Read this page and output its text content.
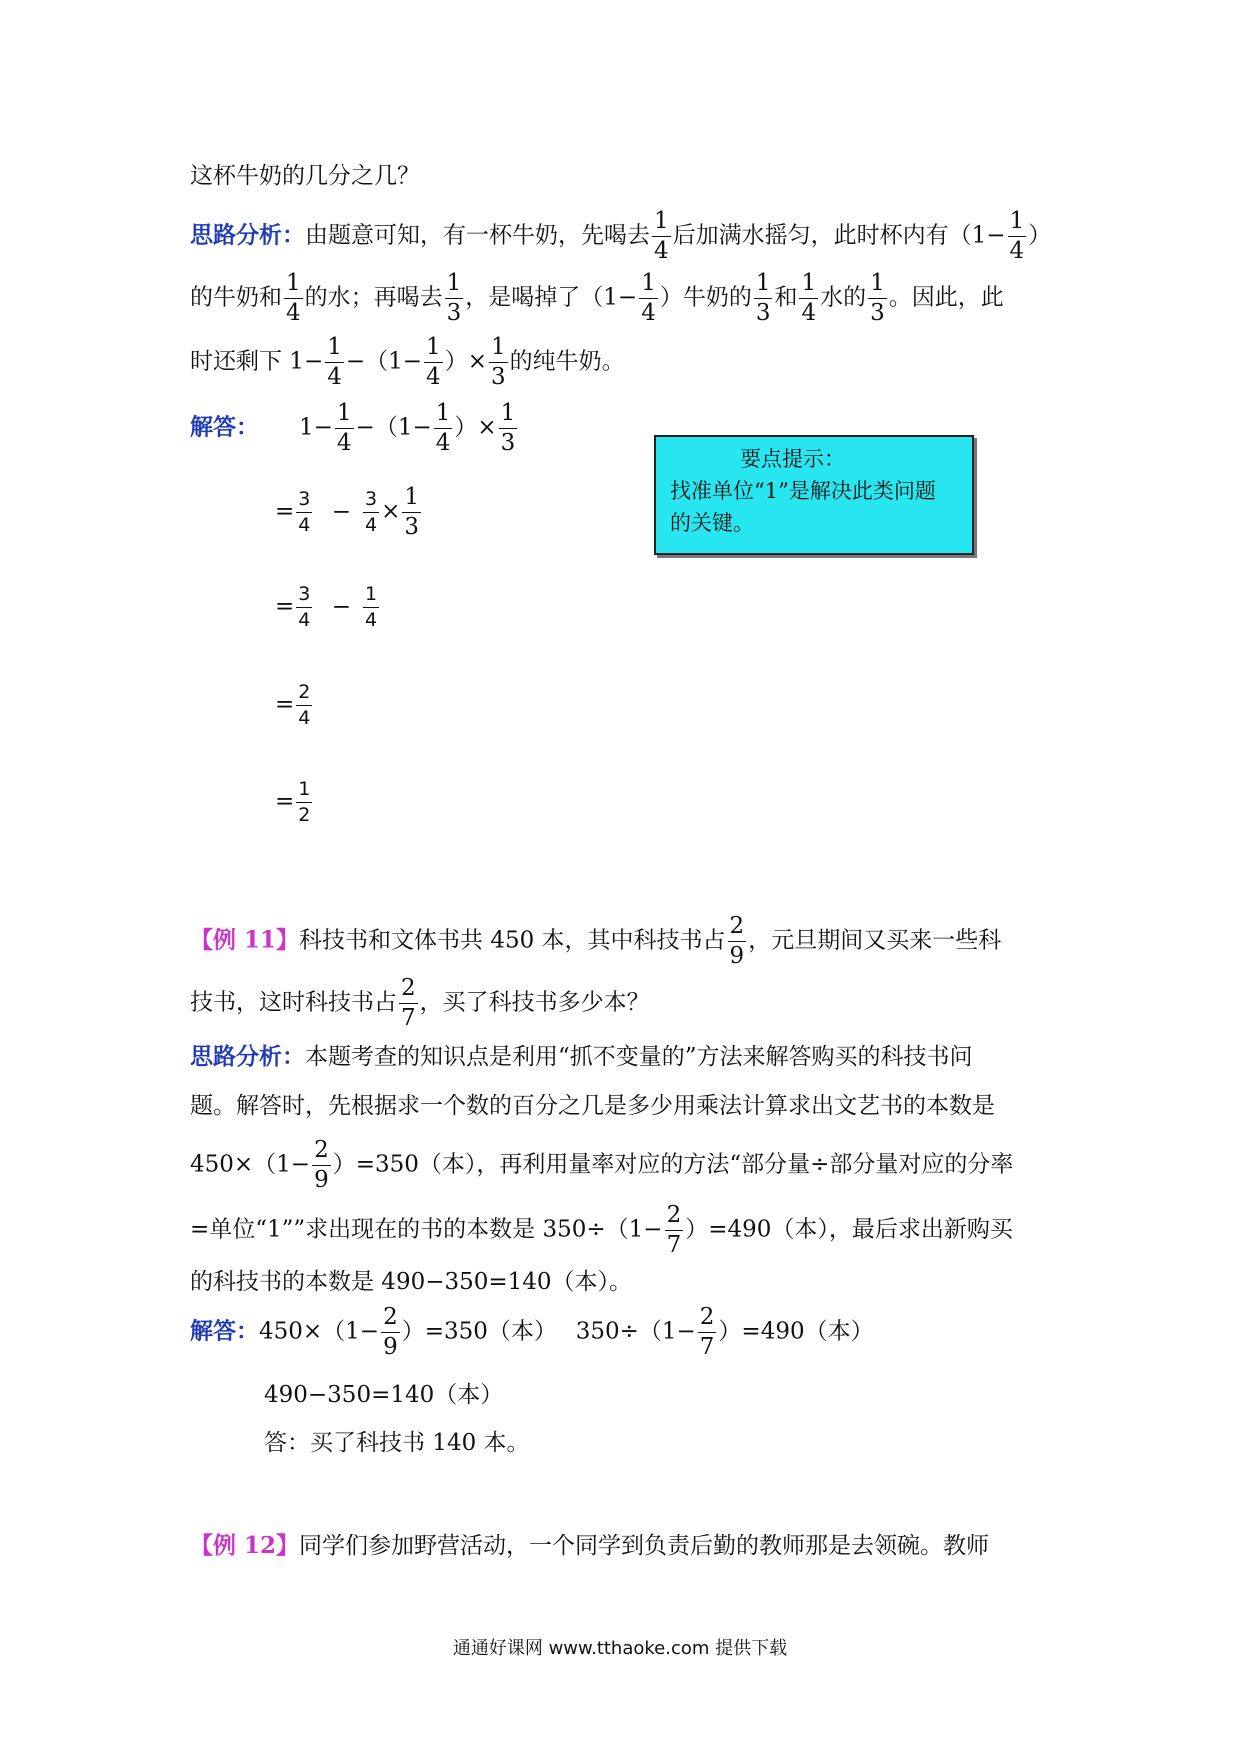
这杯牛奶的几分之几？
思路分析：由题意可知，有一杯牛奶，先喝去 $\frac{1}{4}$ 后加满水摇匀，此时杯内有（$1- \frac{1}{4}$ ）
的牛奶和 $\frac{1}{4}$ 的水；再喝去 $\frac{1}{3}$ ，是喝掉了（$1- \frac{1}{4}$ ）牛奶的 $\frac{1}{3}$ 和 $\frac{1}{4}$ 水的 $\frac{1}{3}$ 。因此，此
时还剩下 $1- \frac{1}{4} -(1- \frac{1}{4}$ ）× $\frac{1}{3}$ 的纯牛奶。
解答： $1- \frac{1}{4} -(1- \frac{1}{4}$ ）× $\frac{1}{3}$
= $\frac{3}{4} - \frac{3}{4} \times \frac{1}{3}$
= $\frac{3}{4} - \frac{1}{4}$
= $\frac{2}{4}$
= $\frac{1}{2}$
要点提示：
找准单位“1”是解决此类问题
的关键。
【例 11】科技书和文体书共 450 本，其中科技书占 $\frac{2}{9}$ ，元旦期间又买来一些科
技书，这时科技书占 $\frac{2}{7}$ ，买了科技书多少本？
思路分析：本题考查的知识点是利用“抓不变量的”方法来解答购买的科技书问
题。解答时，先根据求一个数的百分之几是多少用乘法计算求出文艺书的本数是
$450\times(1- \frac{2}{9} )=350$（本），再利用量率对应的方法“部分量÷部分量对应的分率
=单位“1””求出现在的书的本数是 $350\div(1- \frac{2}{7} )=490$（本），最后求出新购买
的科技书的本数是 490−350=140（本）。
解答：$450\times(1- \frac{2}{9} )=350$（本）　 $350\div(1- \frac{2}{7} )=490$（本）
490−350=140（本）
答：买了科技书 140 本。
【例 12】同学们参加野营活动，一个同学到负责后勤的教师那是去领碗。教师
通通好课网 www.tthaoke.com 提供下载
